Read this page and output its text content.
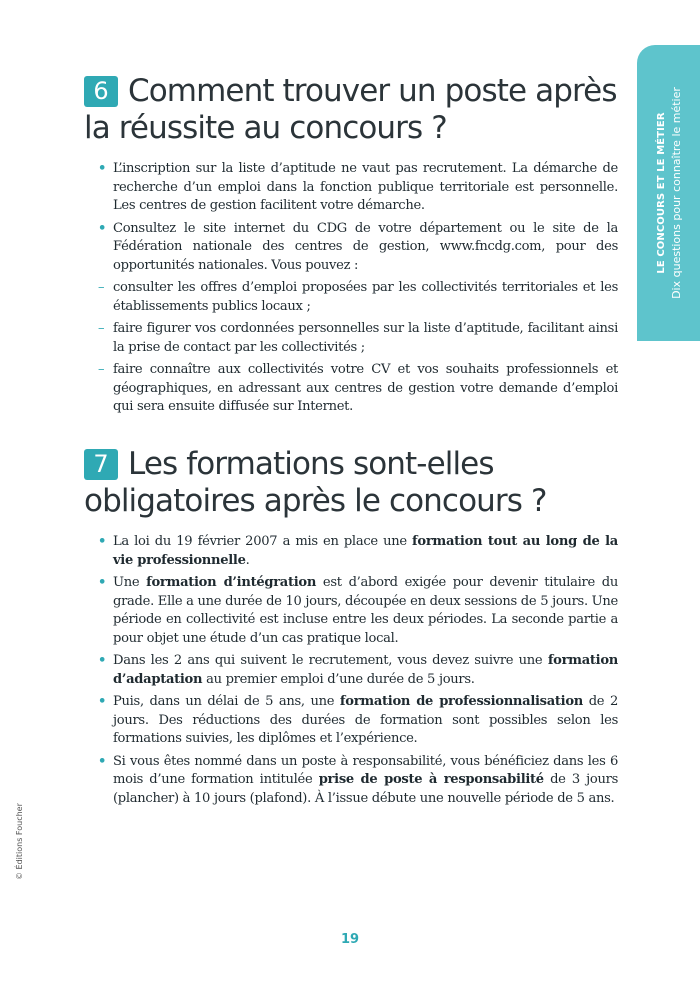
LE CONCOURS ET LE MÉTIER Dix questions pour connaître le métier
6 Comment trouver un poste après la réussite au concours ?
• L’inscription sur la liste d’aptitude ne vaut pas recrutement. La démarche de recherche d’un emploi dans la fonction publique territoriale est personnelle. Les centres de gestion facilitent votre démarche.
• Consultez le site internet du CDG de votre département ou le site de la Fédération nationale des centres de gestion, www.fncdg.com, pour des opportunités nationales. Vous pouvez :
– consulter les offres d’emploi proposées par les collectivités territoriales et les établissements publics locaux ;
– faire figurer vos cordonnées personnelles sur la liste d’aptitude, facilitant ainsi la prise de contact par les collectivités ;
– faire connaître aux collectivités votre CV et vos souhaits professionnels et géographiques, en adressant aux centres de gestion votre demande d’emploi qui sera ensuite diffusée sur Internet.
7 Les formations sont-elles obligatoires après le concours ?
• La loi du 19 février 2007 a mis en place une formation tout au long de la vie professionnelle.
• Une formation d’intégration est d’abord exigée pour devenir titulaire du grade. Elle a une durée de 10 jours, découpée en deux sessions de 5 jours. Une période en collectivité est incluse entre les deux périodes. La seconde partie a pour objet une étude d’un cas pratique local.
• Dans les 2 ans qui suivent le recrutement, vous devez suivre une formation d’adaptation au premier emploi d’une durée de 5 jours.
• Puis, dans un délai de 5 ans, une formation de professionnalisation de 2 jours. Des réductions des durées de formation sont possibles selon les formations suivies, les diplômes et l’expérience.
• Si vous êtes nommé dans un poste à responsabilité, vous bénéficiez dans les 6 mois d’une formation intitulée prise de poste à responsabilité de 3 jours (plancher) à 10 jours (plafond). À l’issue débute une nouvelle période de 5 ans.
© Éditions Foucher
19
